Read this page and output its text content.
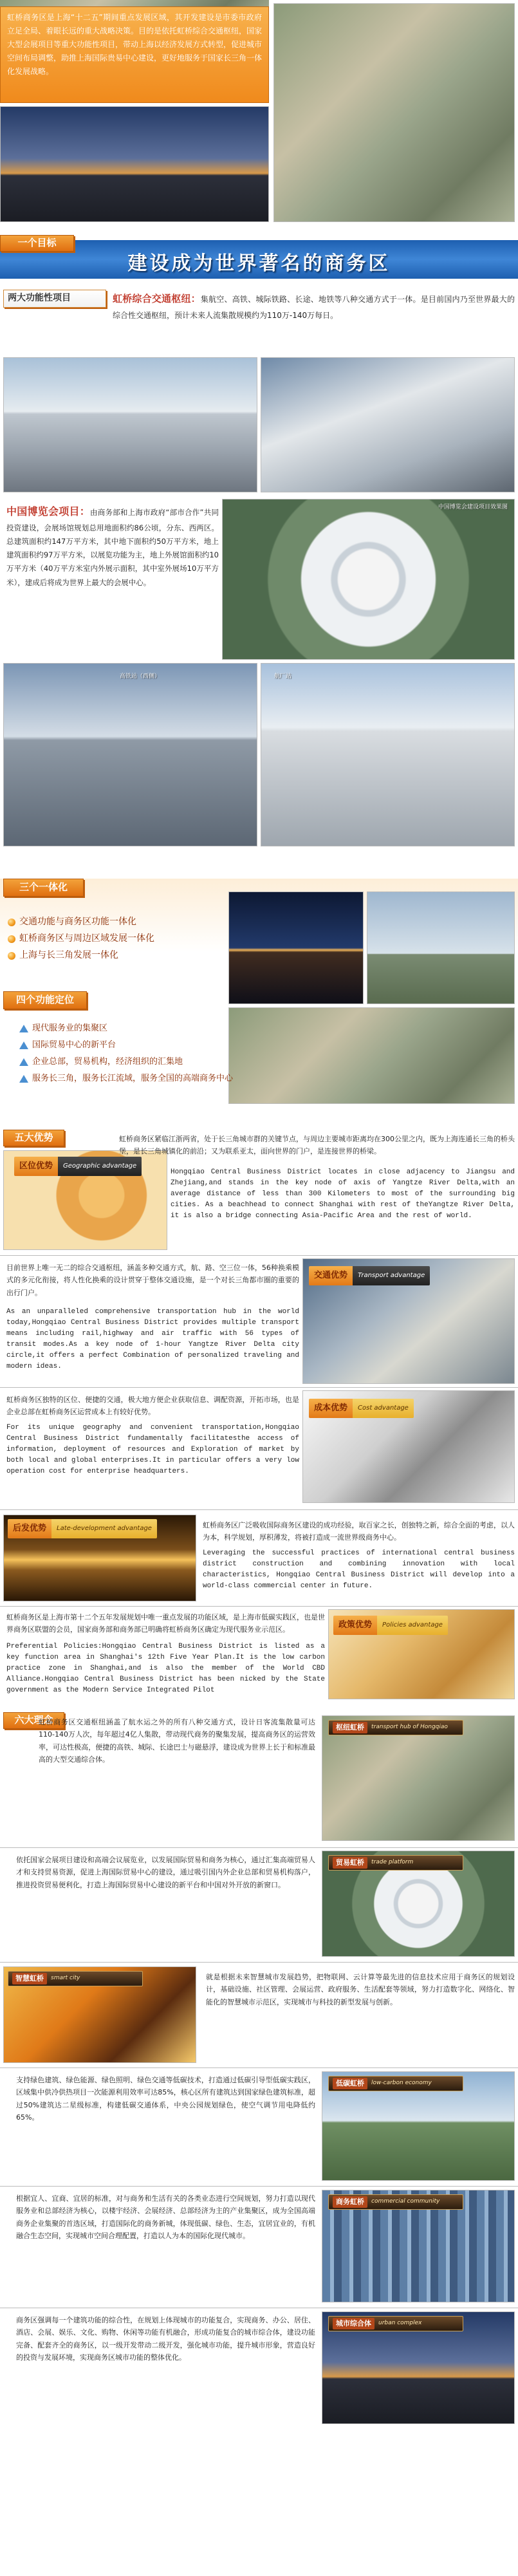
虹桥商务区是上海“十二五”期间重点发展区域，其开发建设是市委市政府立足全局、着眼长远的重大战略决策。目的是依托虹桥综合交通枢纽，国家大型会展项目等重大功能性项目，带动上海以经济发展方式转型，促进城市空间布局调整，助推上海国际贵易中心建设，更好地服务于国家长三角一体化发展战略。
一个目标
建设成为世界著名的商务区
两大功能性项目	虹桥综合交通枢纽：集航空、高铁、城际铁路、长途、地铁等八种交通方式于一体。是目前国内乃至世界最大的综合性交通枢纽，预计未来人流集散规模约为110万-140万每日。
中国博览会项目：由商务部和上海市政府“部市合作”共同投资建设，会展场馆规划总用地面积约86公顷，分东、西两区。总建筑面积约147万平方米，其中地下面积约50万平方米，地上建筑面积约97万平方米，以展览功能为主，地上外展馆面积约10万平方米（40万平方米室内外展示面积，其中室外展场10万平方米），建成后将成为世界上最大的会展中心。
中国博览会建设项目效果图
高铁站（西侧）	航厂站
三个一体化
交通功能与商务区功能一体化
虹桥商务区与周边区域发展一体化
上海与长三角发展一体化
四个功能定位
现代服务业的集聚区
国际贸易中心的新平台
企业总部，贸易机构，经济组织的汇集地
服务长三角，服务长江流域，服务全国的高端商务中心
五大优势
区位优势	Geographic advantage
虹桥商务区紧临江浙两省，处于长三角城市群的关键节点，与周边主要城市距离均在300公里之内，既为上海连通长三角的桥头堡，是长三角城镇化的前沿；又为联系亚太，面向世界的门户，是连接世界的桥梁。
Hongqiao Central Business District locates in close adjacency to Jiangsu and Zhejiang,and stands in the key node of axis of Yangtze River Delta,with an average distance of less than 300 Kilometers to most of the surrounding big cities. As a beachhead to connect Shanghai with rest of theYangtze River Delta, it is also a bridge connecting Asia-Pacific Area and the rest of world.
目前世界上唯一无二的综合交通枢纽，涵盖多种交通方式，航、路、空三位一体，56种换乘模式的多元化衔接，将人性化换乘的设计贯穿于整体交通设施，是一个对长三角都市圈的重要的出行门户。
As an unparalleled comprehensive transportation hub in the world today,Hongqiao Central Business District provides multiple transport means including rail,highway and air traffic with 56 types of transit modes.As a key node of 1-hour Yangtze River Delta city circle,it offers a perfect Combination of personalized traveling and modern ideas.
交通优势	Transport advantage
虹桥商务区独特的区位、便捷的交通，极大地方便企业获取信息、调配资源，开拓市场，也是企业总部在虹桥商务区运营成本上有较好优势。
For its unique geography and convenient transportation,Hongqiao Central Business District fundamentally facilitatesthe access of information, deployment of resources and Exploration of market by both local and global enterprises.It in particular offers a very low operation cost for enterprise headquarters.
成本优势	Cost advantage
后发优势	Late-development advantage	虹桥商务区广泛吸收国际商务区建设的成功经验，取百家之长，创独特之新，综合全面的考虑，以人为本，科学规划，厚积薄发，将被打造成一流世界级商务中心。
Leveraging the successful practices of international central business district construction and combining innovation with local characteristics, Hongqiao Central Business District will develop into a world-class commercial center in future.
虹桥商务区是上海市第十二个五年发展规划中唯一重点发展的功能区域，是上海市低碳实践区，也是世界商务区联盟的会员，国家商务部和商务部已明确将虹桥商务区确定为现代服务业示范区。
Preferential Policies:Hongqiao Central Business District is listed as a key function area in Shanghai's 12th Five Year Plan.It is the low carbon practice zone in Shanghai,and is also the member of the World CBD Alliance.Hongqiao Central Business District has been nicked by the State government as the Modern Service Integrated Pilot
政策优势	Policies advantage
六大理念
虹桥商务区交通枢纽涵盖了航水运之外的所有八种交通方式，设计日客流集散量可达110-140万人次，每年超过4亿人集散，带动现代商务的聚集发展，提高商务区的运营效率，可达性极高，便捷的高铁、城际、长途巴士与磁悬浮，建设成为世界上长于和标准最高的大型交通综合体。
枢纽虹桥	transport hub of Hongqiao
依托国家会展项目建设和高端会议展览业，以发展国际贸易和商务为核心，通过汇集高端贸易人才和支持贸易资源，促进上海国际贸易中心的建设，通过吸引国内外企业总部和贸易机构落户，推进投资贸易便利化，打造上海国际贸易中心建设的新平台和中国对外开放的新窗口。
贸易虹桥	trade platform
智慧虹桥	smart city	就是根据未来智慧城市发展趋势，把物联网、云计算等最先进的信息技术应用于商务区的规划设计，基础设施、社区管理、会展运营、政府服务、生活配套等领域，努力打造数字化、网络化、智能化的智慧城市示范区，实现城市与科技的新型发展与创新。
支持绿色建筑、绿色能源、绿色照明、绿色交通等低碳技术，打造通过低碳引导型低碳实践区，区域集中供冷供热项目一次能源利用效率可达85%，核心区所有建筑达到国家绿色建筑标准，超过50%建筑达二星级标准，构建低碳交通体系，中央公园规划绿色，使空气调节用电降低约65%。
低碳虹桥	low-carbon economy
根据宜人、宜商、宜居的标准，对与商务和生活有关的各类业态进行空间规划，努力打造以现代服务业和总部经济为核心，以楼宇经济、会展经济、总部经济为主的产业集聚区，成为全国高端商务企业集聚的首选区域，打造国际化的商务新城，体现低碳、绿色、生态，宜居宜业的，有机融合生态空间，实现城市空间合理配置，打造以人为本的国际化现代城市。
商务虹桥	commercial community
商务区强调每一个建筑功能的综合性，在规划上体现城市的功能复合，实现商务、办公、居住、酒店、会展、娱乐、文化、购物、休闲等功能有机融合，形成功能复合的城市综合体，建设功能完备、配套齐全的商务区，以一级开发带动二级开发，强化城市功能，提升城市形象，营造良好的投资与发展环境，实现商务区城市功能的整体优化。
城市综合体	urban complex
